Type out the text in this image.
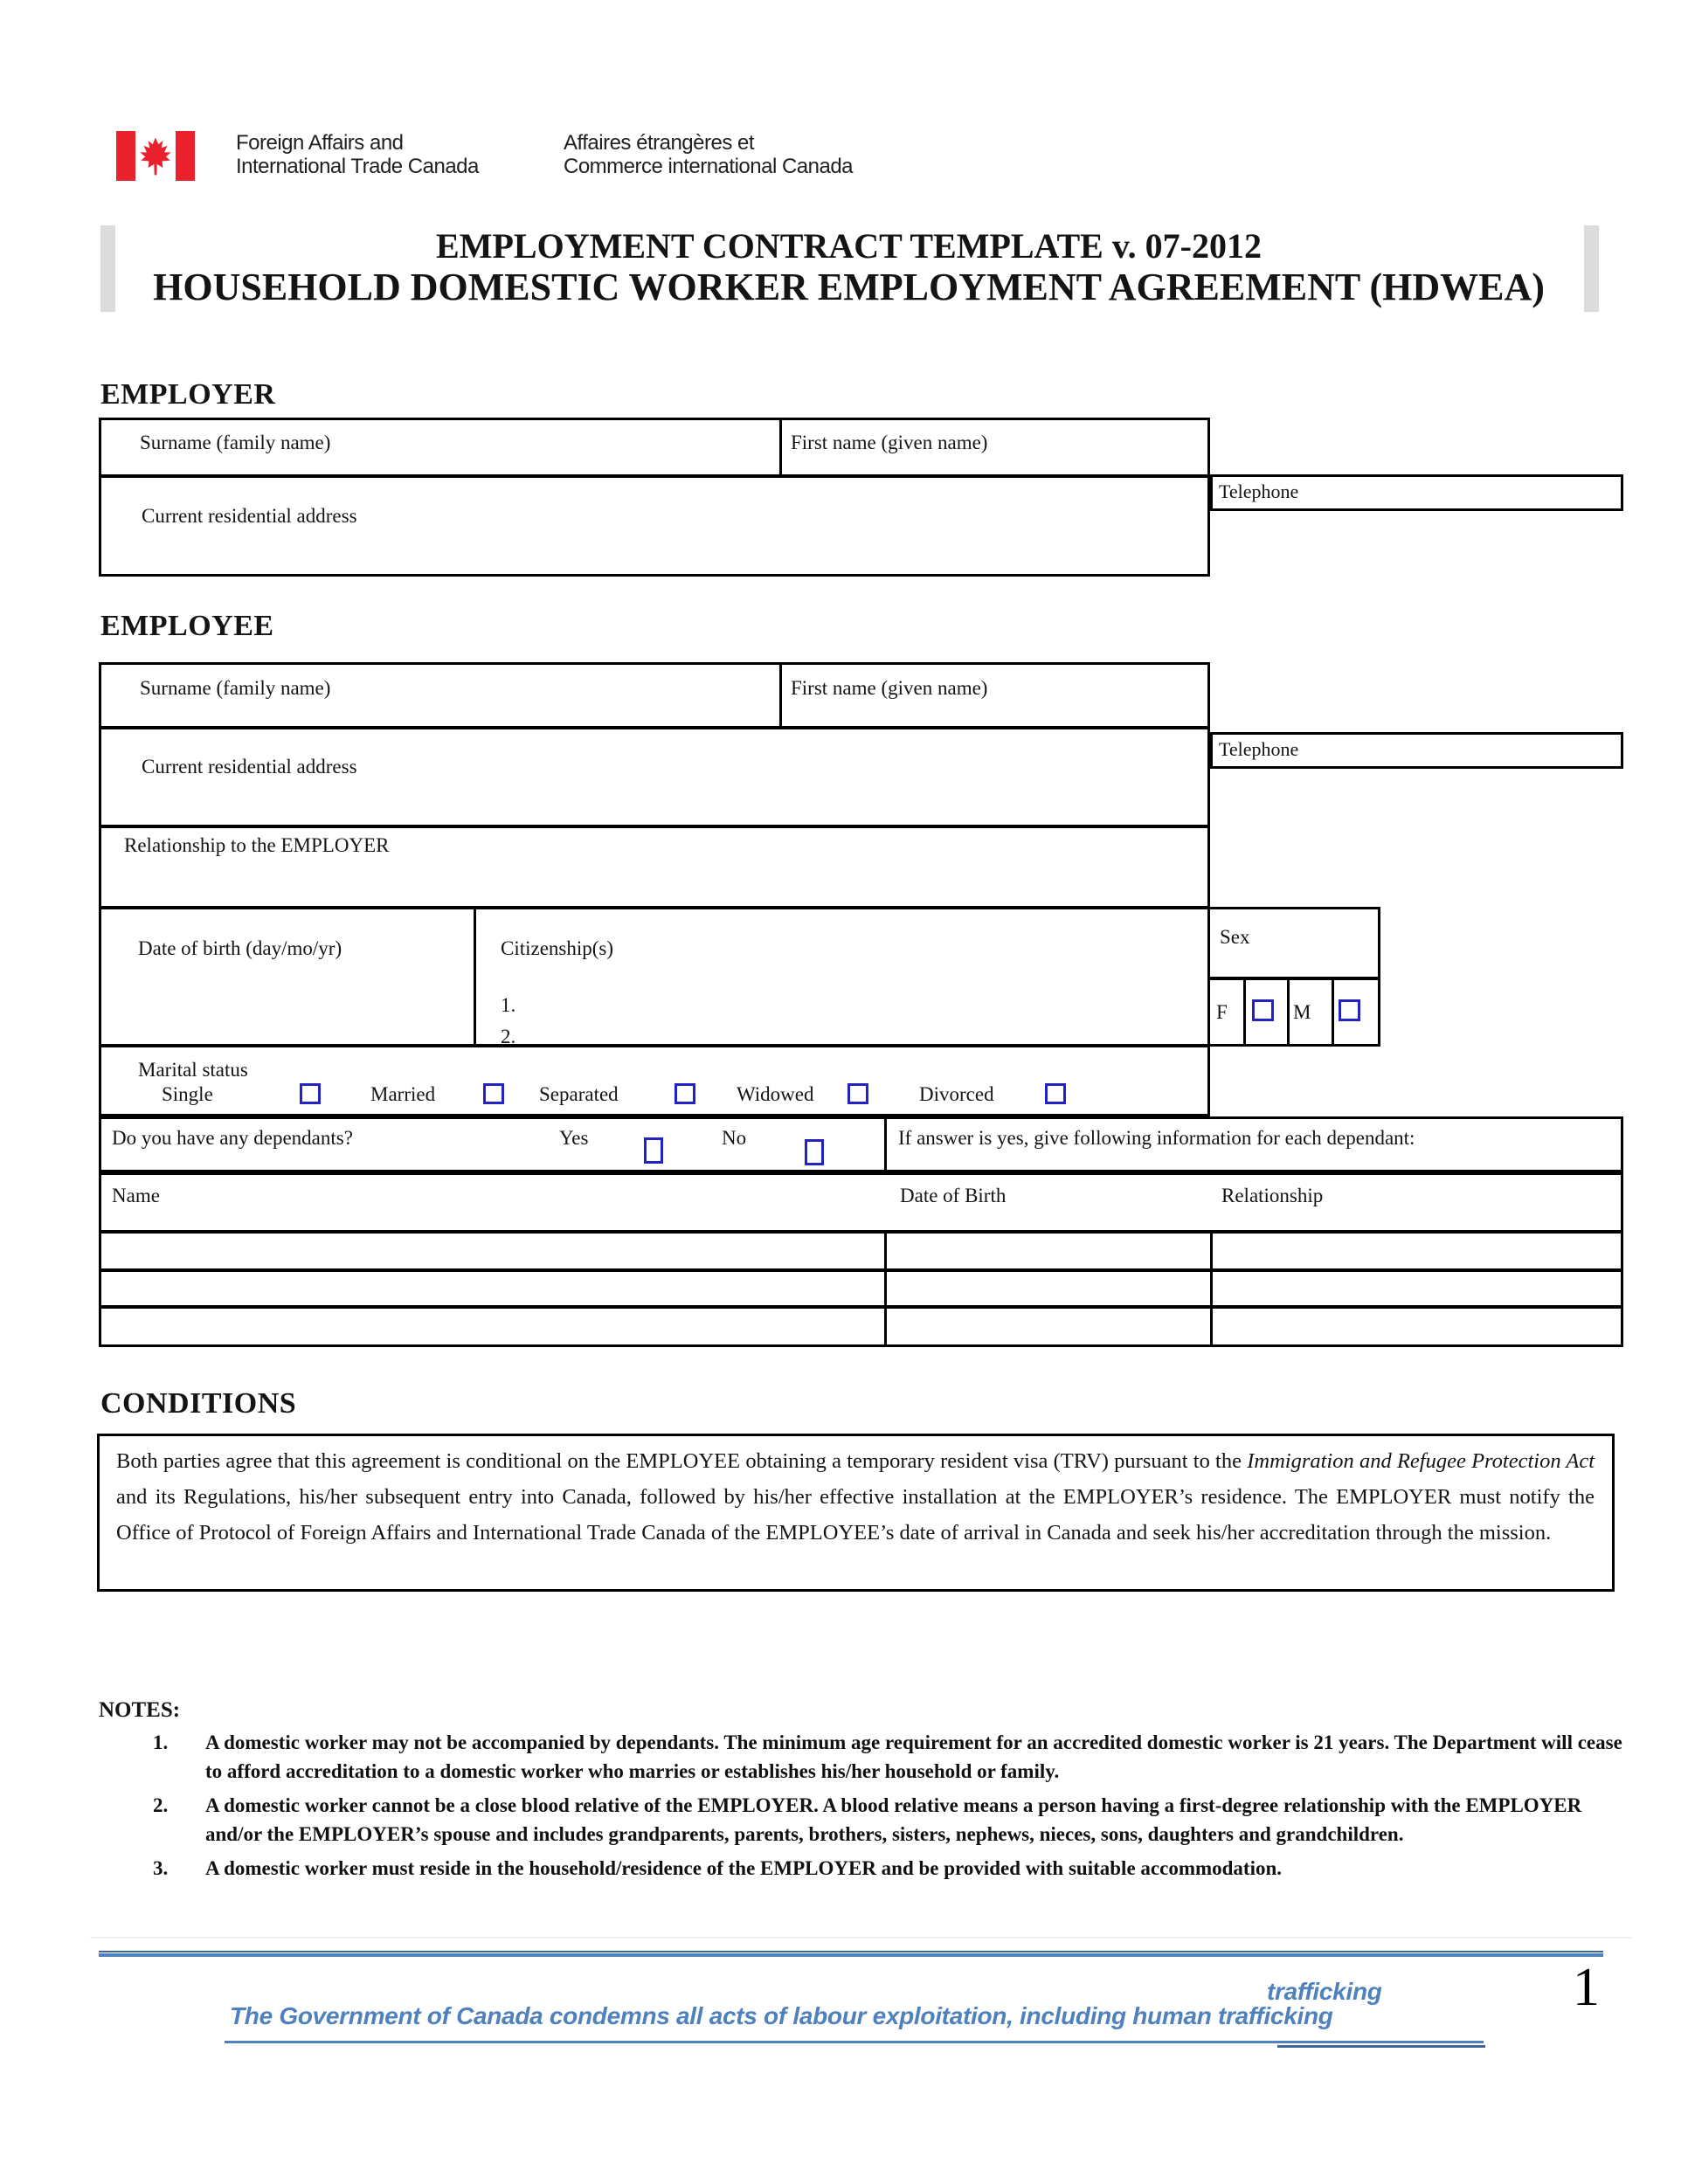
Foreign Affairs and
International Trade Canada
Affaires étrangères et
Commerce international Canada
EMPLOYMENT CONTRACT TEMPLATE v. 07-2012
HOUSEHOLD DOMESTIC WORKER EMPLOYMENT AGREEMENT (HDWEA)
EMPLOYER
Surname (family name)	First name (given name)
Current residential address
Telephone
EMPLOYEE
Surname (family name)	First name (given name)
Current residential address
Relationship to the EMPLOYER
Date of birth (day/mo/yr)	Citizenship(s)
1.
2.
Telephone
Sex
F	M
Marital status
Single	Married	Separated	Widowed	Divorced
Do you have any dependants?	Yes	No	If answer is yes, give following information for each dependant:
Name	Date of Birth	Relationship
CONDITIONS
Both parties agree that this agreement is conditional on the EMPLOYEE obtaining a temporary resident visa (TRV) pursuant to the Immigration and Refugee Protection Act and its Regulations, his/her subsequent entry into Canada, followed by his/her effective installation at the EMPLOYER’s residence. The EMPLOYER must notify the Office of Protocol of Foreign Affairs and International Trade Canada of the EMPLOYEE’s date of arrival in Canada and seek his/her accreditation through the mission.
NOTES:
1.	A domestic worker may not be accompanied by dependants. The minimum age requirement for an accredited domestic worker is 21 years. The Department will cease to afford accreditation to a domestic worker who marries or establishes his/her household or family.
2.	A domestic worker cannot be a close blood relative of the EMPLOYER. A blood relative means a person having a first-degree relationship with the EMPLOYER and/or the EMPLOYER’s spouse and includes grandparents, parents, brothers, sisters, nephews, nieces, sons, daughters and grandchildren.
3.	A domestic worker must reside in the household/residence of the EMPLOYER and be provided with suitable accommodation.
trafficking
The Government of Canada condemns all acts of labour exploitation, including human trafficking	1
